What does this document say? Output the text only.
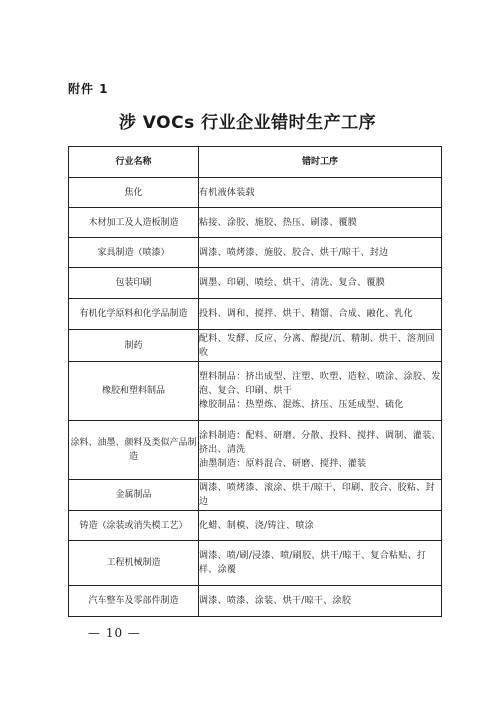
附件 1
涉 VOCs 行业企业错时生产工序
行业名称	错时工序
焦化	有机液体装载

木材加工及人造板制造	粘接、涂胶、施胶、热压、刷漆、覆膜

家具制造（喷漆）	调漆、喷烤漆、施胶、胶合、烘干/晾干、封边

包装印刷	调墨、印刷、喷绘、烘干、清洗、复合、覆膜

有机化学原料和化学品制造	投料、调和、搅拌、烘干、精馏、合成、融化、乳化

制药	配料、发酵、反应、分离、醇提/沉、精制、烘干、溶剂回收

橡胶和塑料制品	塑料制品：挤出成型、注塑、吹塑、造粒、喷涂、涂胶、发泡、复合、印刷、烘干
橡胶制品：热塑炼、混炼、挤压、压延成型、硫化

涂料、油墨、颜料及类似产品制造	涂料制造：配料、研磨、分散、投料、搅拌、调制、灌装、挤出、清洗
油墨制造：原料混合、研磨、搅拌、灌装

金属制品	调漆、喷烤漆、滚涂、烘干/晾干、印刷、胶合、胶粘、封边

铸造（涂装或消失模工艺）	化蜡、制模、浇/铸注、喷涂

工程机械制造	调漆、喷/刷/浸漆、喷/刷胶、烘干/晾干、复合粘贴、打样、涂覆

汽车整车及零部件制造	调漆、喷漆、涂装、烘干/晾干、涂胶
— 10 —
